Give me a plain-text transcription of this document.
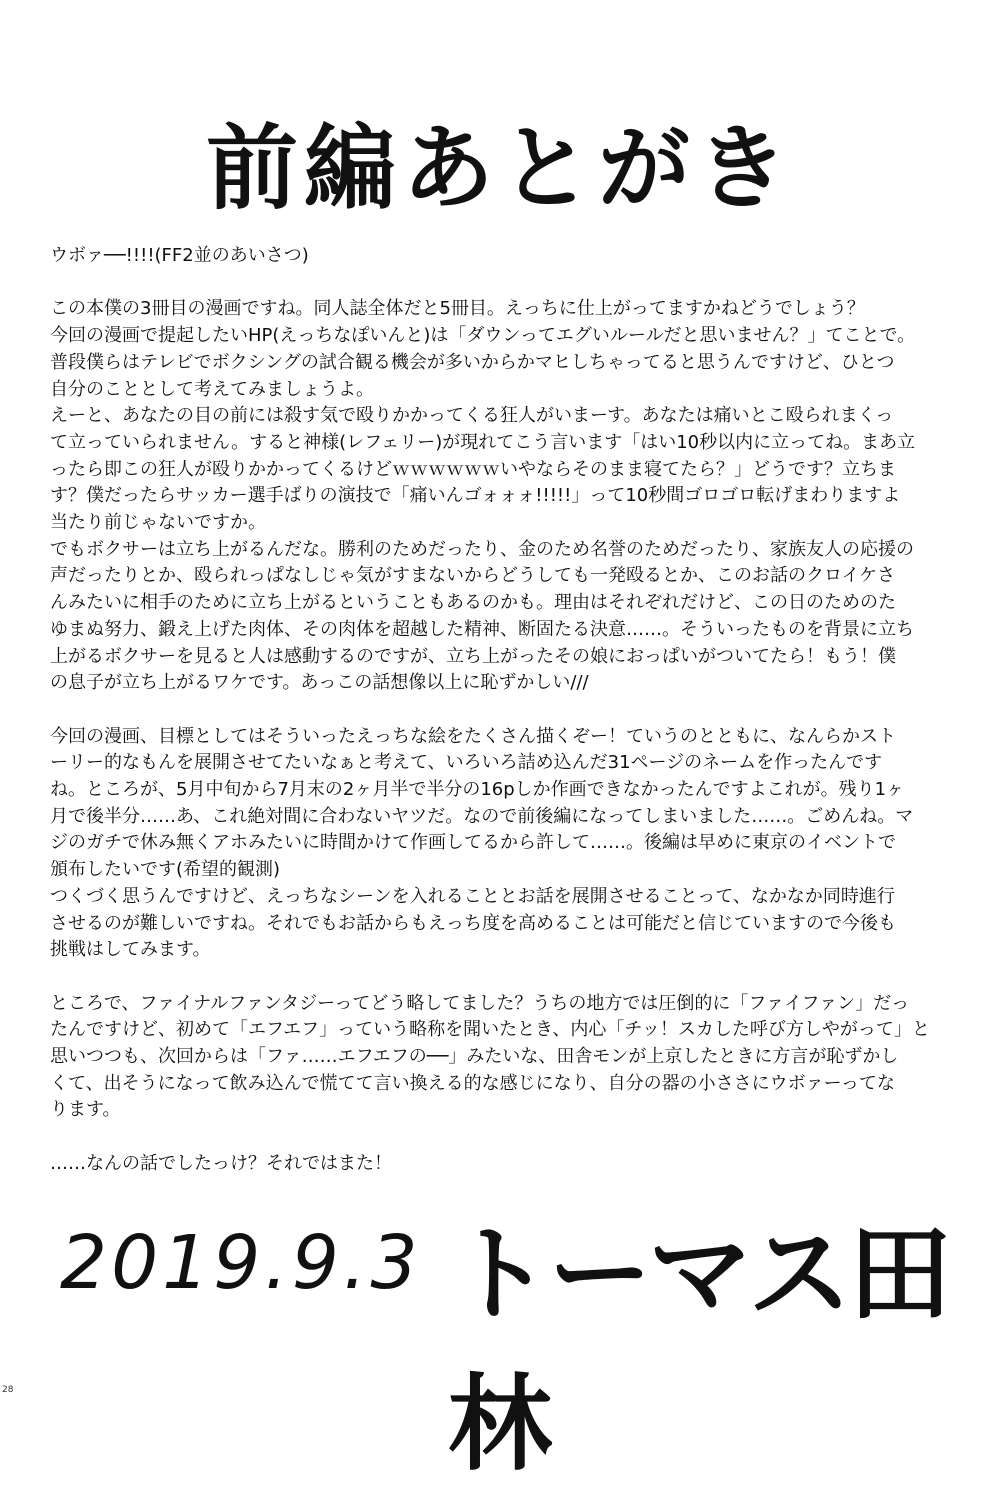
前編あとがき

ウボァ──!!!!(FF2並のあいさつ)

この本僕の3冊目の漫画ですね。同人誌全体だと5冊目。えっちに仕上がってますかねどうでしょう？
今回の漫画で提起したいHP(えっちなぽいんと)は「ダウンってエグいルールだと思いません？」てことで。
普段僕らはテレビでボクシングの試合観る機会が多いからかマヒしちゃってると思うんですけど、ひとつ
自分のこととして考えてみましょうよ。
えーと、あなたの目の前には殺す気で殴りかかってくる狂人がいまーす。あなたは痛いとこ殴られまくっ
て立っていられません。すると神様(レフェリー)が現れてこう言います「はい10秒以内に立ってね。まあ立
ったら即この狂人が殴りかかってくるけどｗｗｗｗｗｗいやならそのまま寝てたら？」どうです？立ちま
す？僕だったらサッカー選手ばりの演技で「痛いんゴォォォ!!!!!」って10秒間ゴロゴロ転げまわりますよ
当たり前じゃないですか。
でもボクサーは立ち上がるんだな。勝利のためだったり、金のため名誉のためだったり、家族友人の応援の
声だったりとか、殴られっぱなしじゃ気がすまないからどうしても一発殴るとか、このお話のクロイケさ
んみたいに相手のために立ち上がるということもあるのかも。理由はそれぞれだけど、この日のためのた
ゆまぬ努力、鍛え上げた肉体、その肉体を超越した精神、断固たる決意……。そういったものを背景に立ち
上がるボクサーを見ると人は感動するのですが、立ち上がったその娘におっぱいがついてたら！もう！僕
の息子が立ち上がるワケです。あっこの話想像以上に恥ずかしい///

今回の漫画、目標としてはそういったえっちな絵をたくさん描くぞー！ていうのとともに、なんらかスト
ーリー的なもんを展開させてたいなぁと考えて、いろいろ詰め込んだ31ページのネームを作ったんです
ね。ところが、5月中旬から7月末の2ヶ月半で半分の16pしか作画できなかったんですよこれが。残り1ヶ
月で後半分……あ、これ絶対間に合わないヤツだ。なので前後編になってしまいました……。ごめんね。マ
ジのガチで休み無くアホみたいに時間かけて作画してるから許して……。後編は早めに東京のイベントで
頒布したいです(希望的観測)
つくづく思うんですけど、えっちなシーンを入れることとお話を展開させることって、なかなか同時進行
させるのが難しいですね。それでもお話からもえっち度を高めることは可能だと信じていますので今後も
挑戦はしてみます。

ところで、ファイナルファンタジーってどう略してました？うちの地方では圧倒的に「ファイファン」だっ
たんですけど、初めて「エフエフ」っていう略称を聞いたとき、内心「チッ！スカした呼び方しやがって」と
思いつつも、次回からは「ファ……エフエフの──」みたいな、田舎モンが上京したときに方言が恥ずかし
くて、出そうになって飲み込んで慌てて言い換える的な感じになり、自分の器の小ささにウボァーってな
ります。

……なんの話でしたっけ？それではまた！

2019.9.3 トーマス田林
28
